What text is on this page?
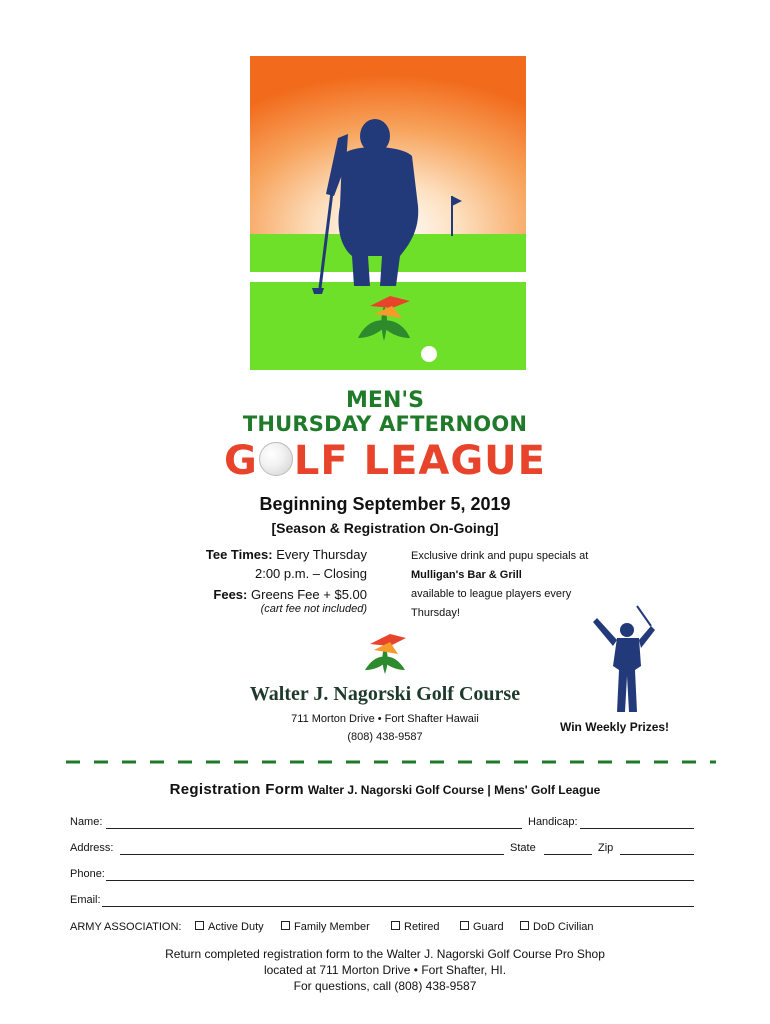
MEN'S
THURSDAY AFTERNOON
G LF LEAGUE
Beginning September 5, 2019
[Season & Registration On-Going]
Tee Times: Every Thursday
2:00 p.m. – Closing
Fees: Greens Fee + $5.00
(cart fee not included)
Exclusive drink and pupu specials at
Mulligan's Bar & Grill
available to league players every
Thursday!
Walter J. Nagorski Golf Course
711 Morton Drive • Fort Shafter Hawaii
(808) 438-9587
Win Weekly Prizes!
Registration Form Walter J. Nagorski Golf Course | Mens' Golf League
Name:	Handicap:
Address:	State	Zip
Phone:
Email:
ARMY ASSOCIATION:	Active Duty	Family Member	Retired	Guard	DoD Civilian
Return completed registration form to the Walter J. Nagorski Golf Course Pro Shop
located at 711 Morton Drive • Fort Shafter, HI.
For questions, call (808) 438-9587
